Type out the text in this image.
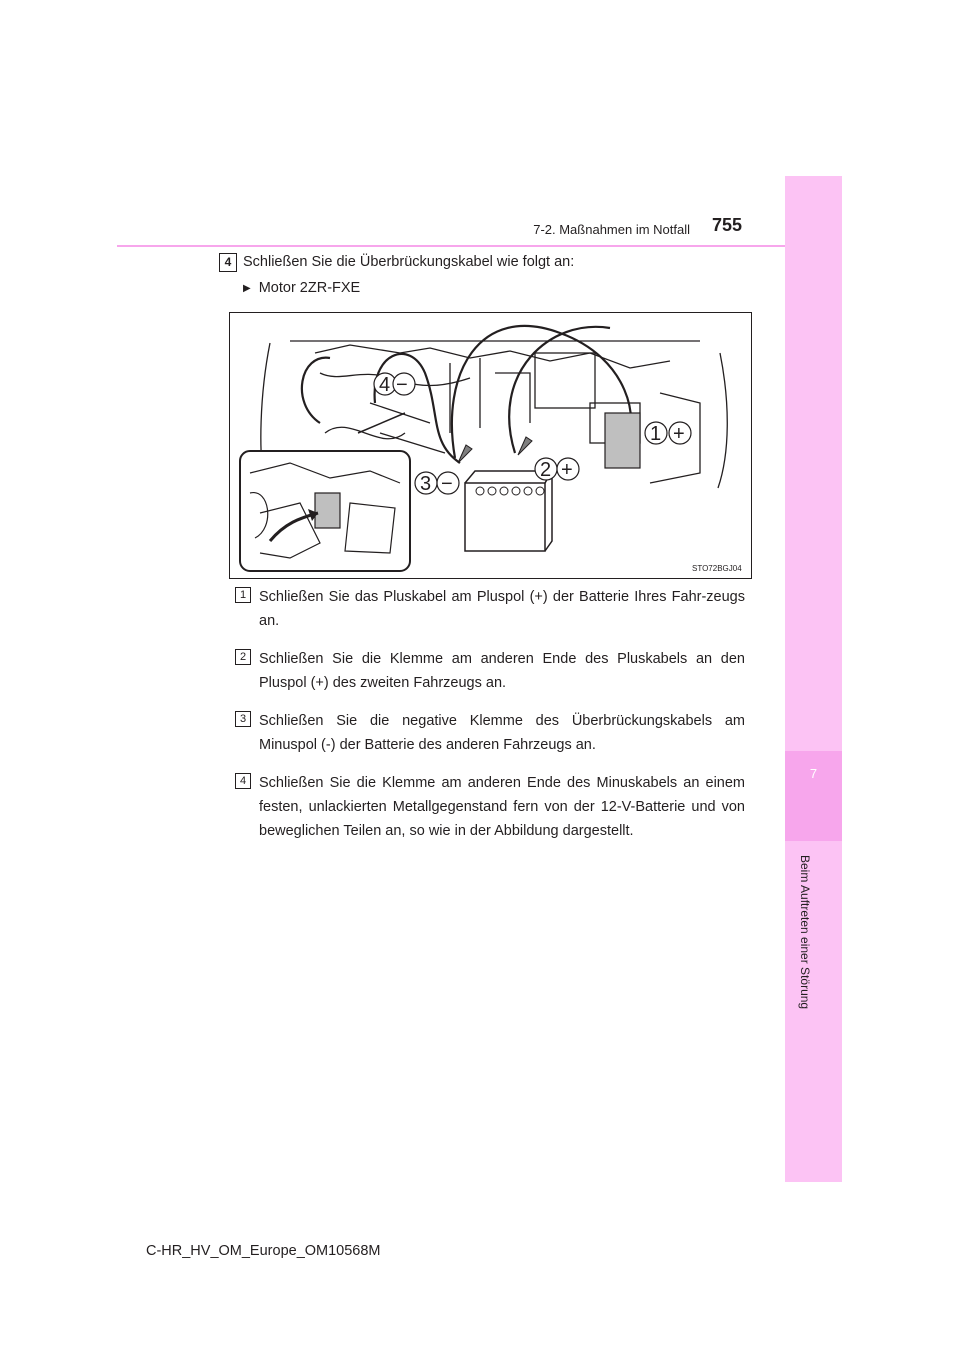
7
Beim Auftreten einer Störung
7-2. Maßnahmen im Notfall 755
4 Schließen Sie die Überbrückungskabel wie folgt an:
▶ Motor 2ZR-FXE
4 −
1 +
2 +
3 −
STO72BGJ04
1 Schließen Sie das Pluskabel am Pluspol (+) der Batterie Ihres Fahr-zeugs an.
2 Schließen Sie die Klemme am anderen Ende des Pluskabels an den Pluspol (+) des zweiten Fahrzeugs an.
3 Schließen Sie die negative Klemme des Überbrückungskabels am Minuspol (-) der Batterie des anderen Fahrzeugs an.
4 Schließen Sie die Klemme am anderen Ende des Minuskabels an einem festen, unlackierten Metallgegenstand fern von der 12-V-Batterie und von beweglichen Teilen an, so wie in der Abbildung dargestellt.
C-HR_HV_OM_Europe_OM10568M
